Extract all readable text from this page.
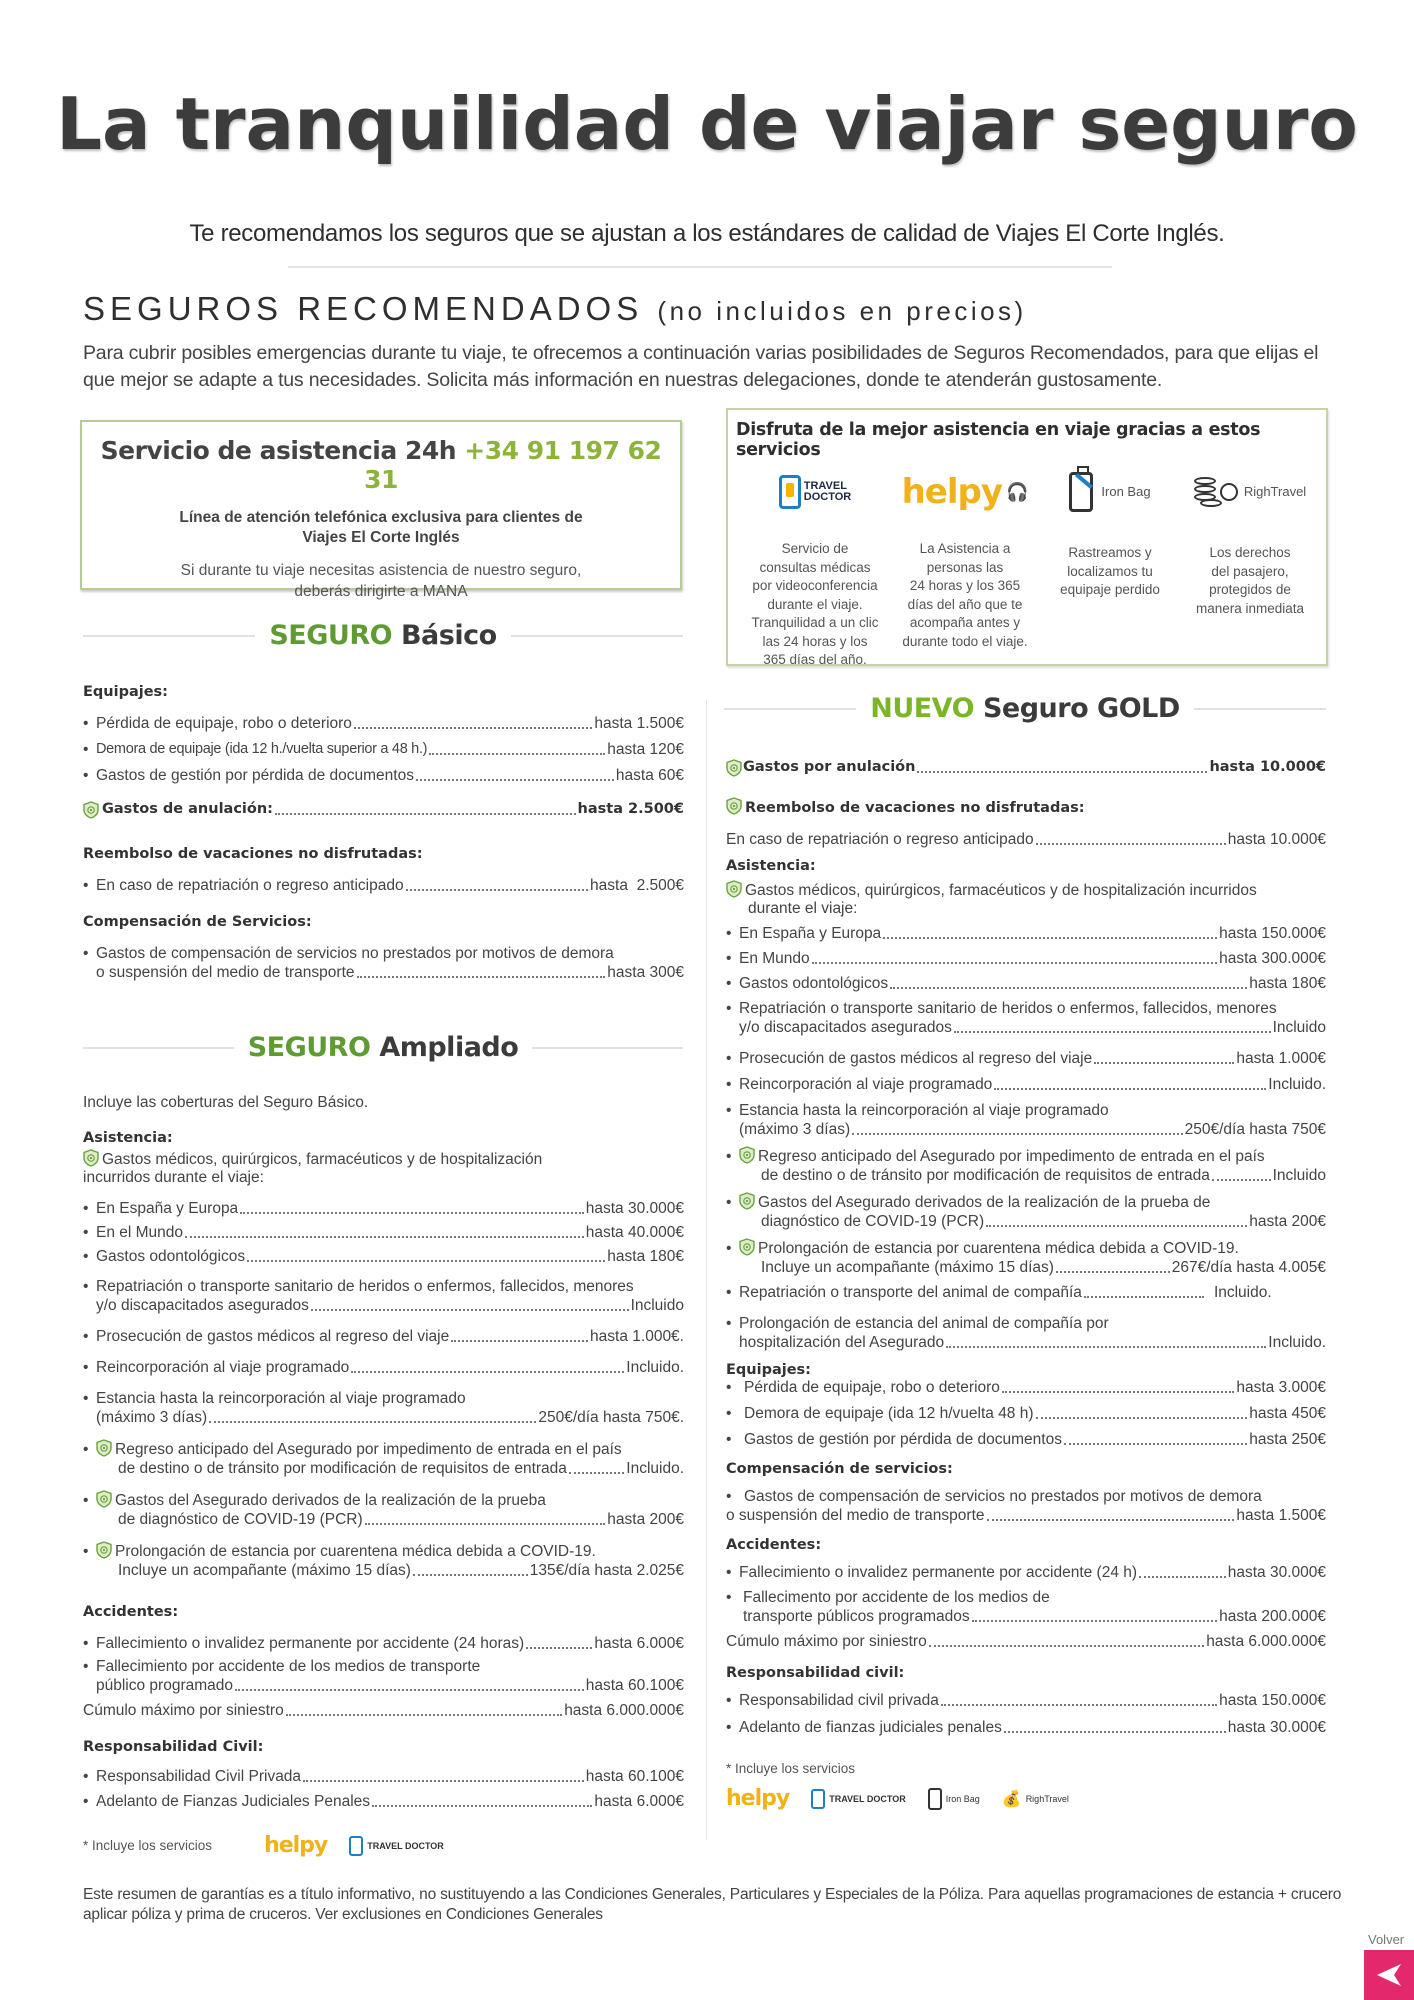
La tranquilidad de viajar seguro
Te recomendamos los seguros que se ajustan a los estándares de calidad de Viajes El Corte Inglés.
SEGUROS RECOMENDADOS (no incluidos en precios)

Para cubrir posibles emergencias durante tu viaje, te ofrecemos a continuación varias posibilidades de Seguros Recomendados, para que elijas el que mejor se adapte a tus necesidades. Solicita más información en nuestras delegaciones, donde te atenderán gustosamente.

Servicio de asistencia 24h +34 91 197 62 31
Línea de atención telefónica exclusiva para clientes de
Viajes El Corte Inglés
Si durante tu viaje necesitas asistencia de nuestro seguro,
deberás dirigirte a MANA
Disfruta de la mejor asistencia en viaje gracias a estos servicios
TRAVEL
DOCTOR
Servicio de
consultas médicas
por videoconferencia
durante el viaje.
Tranquilidad a un clic
las 24 horas y los
365 días del año.
helpy 🎧
La Asistencia a
personas las
24 horas y los 365
días del año que te
acompaña antes y
durante todo el viaje.
Iron Bag
Rastreamos y
localizamos tu
equipaje perdido
RighTravel
Los derechos
del pasajero,
protegidos de
manera inmediata
SEGURO Básico
SEGURO Ampliado
NUEVO Seguro GOLD
Equipajes:
• Pérdida de equipaje, robo o deterioro	hasta 1.500€
• Demora de equipaje (ida 12 h./vuelta superior a 48 h.)	hasta 120€
• Gastos de gestión por pérdida de documentos	hasta 60€
Gastos de anulación:	hasta 2.500€
Reembolso de vacaciones no disfrutadas:
• En caso de repatriación o regreso anticipado	hasta  2.500€
Compensación de Servicios:
• Gastos de compensación de servicios no prestados por motivos de demora
o suspensión del medio de transporte	hasta 300€
Incluye las coberturas del Seguro Básico.
Asistencia:
Gastos médicos, quirúrgicos, farmacéuticos y de hospitalización
incurridos durante el viaje:
• En España y Europa	hasta 30.000€
• En el Mundo	hasta 40.000€
• Gastos odontológicos	hasta 180€
• Repatriación o transporte sanitario de heridos o enfermos, fallecidos, menores
y/o discapacitados asegurados	Incluido
• Prosecución de gastos médicos al regreso del viaje	hasta 1.000€.
• Reincorporación al viaje programado	Incluido.
• Estancia hasta la reincorporación al viaje programado
(máximo 3 días)	250€/día hasta 750€.
• Regreso anticipado del Asegurado por impedimento de entrada en el país
de destino o de tránsito por modificación de requisitos de entrada	Incluido.
• Gastos del Asegurado derivados de la realización de la prueba
de diagnóstico de COVID-19 (PCR)	hasta 200€
• Prolongación de estancia por cuarentena médica debida a COVID-19.
Incluye un acompañante (máximo 15 días)	135€/día hasta 2.025€
Accidentes:
• Fallecimiento o invalidez permanente por accidente (24 horas)	hasta 6.000€
• Fallecimiento por accidente de los medios de transporte
público programado	hasta 60.100€
Cúmulo máximo por siniestro	hasta 6.000.000€
Responsabilidad Civil:
• Responsabilidad Civil Privada	hasta 60.100€
• Adelanto de Fianzas Judiciales Penales	hasta 6.000€
* Incluye los servicios helpy	TRAVEL DOCTOR
Gastos por anulación	hasta 10.000€
Reembolso de vacaciones no disfrutadas:
En caso de repatriación o regreso anticipado	hasta 10.000€
Asistencia:
Gastos médicos, quirúrgicos, farmacéuticos y de hospitalización incurridos
durante el viaje:
• En España y Europa	hasta 150.000€
• En Mundo	hasta 300.000€
• Gastos odontológicos	hasta 180€
• Repatriación o transporte sanitario de heridos o enfermos, fallecidos, menores
y/o discapacitados asegurados	Incluido
• Prosecución de gastos médicos al regreso del viaje	hasta 1.000€
• Reincorporación al viaje programado	Incluido.
• Estancia hasta la reincorporación al viaje programado
(máximo 3 días)	250€/día hasta 750€
• Regreso anticipado del Asegurado por impedimento de entrada en el país
de destino o de tránsito por modificación de requisitos de entrada	Incluido
• Gastos del Asegurado derivados de la realización de la prueba de
diagnóstico de COVID-19 (PCR)	hasta 200€
• Prolongación de estancia por cuarentena médica debida a COVID-19.
Incluye un acompañante (máximo 15 días)	267€/día hasta 4.005€
• Repatriación o transporte del animal de compañía	Incluido.
• Prolongación de estancia del animal de compañía por
hospitalización del Asegurado	Incluido.
Equipajes:
• Pérdida de equipaje, robo o deterioro	hasta 3.000€
• Demora de equipaje (ida 12 h/vuelta 48 h)	hasta 450€
• Gastos de gestión por pérdida de documentos	hasta 250€
Compensación de servicios:
• Gastos de compensación de servicios no prestados por motivos de demora
o suspensión del medio de transporte	hasta 1.500€
Accidentes:
• Fallecimiento o invalidez permanente por accidente (24 h)	hasta 30.000€
• Fallecimento por accidente de los medios de
transporte públicos programados	hasta 200.000€
Cúmulo máximo por siniestro	hasta 6.000.000€
Responsabilidad civil:
• Responsabilidad civil privada	hasta 150.000€
• Adelanto de fianzas judiciales penales	hasta 30.000€
* Incluye los servicios
helpy	TRAVEL DOCTOR	Iron Bag 💰 RighTravel

Este resumen de garantías es a título informativo, no sustituyendo a las Condiciones Generales, Particulares y Especiales de la Póliza. Para aquellas programaciones de estancia + crucero aplicar póliza y prima de cruceros. Ver exclusiones en Condiciones Generales

Volver
